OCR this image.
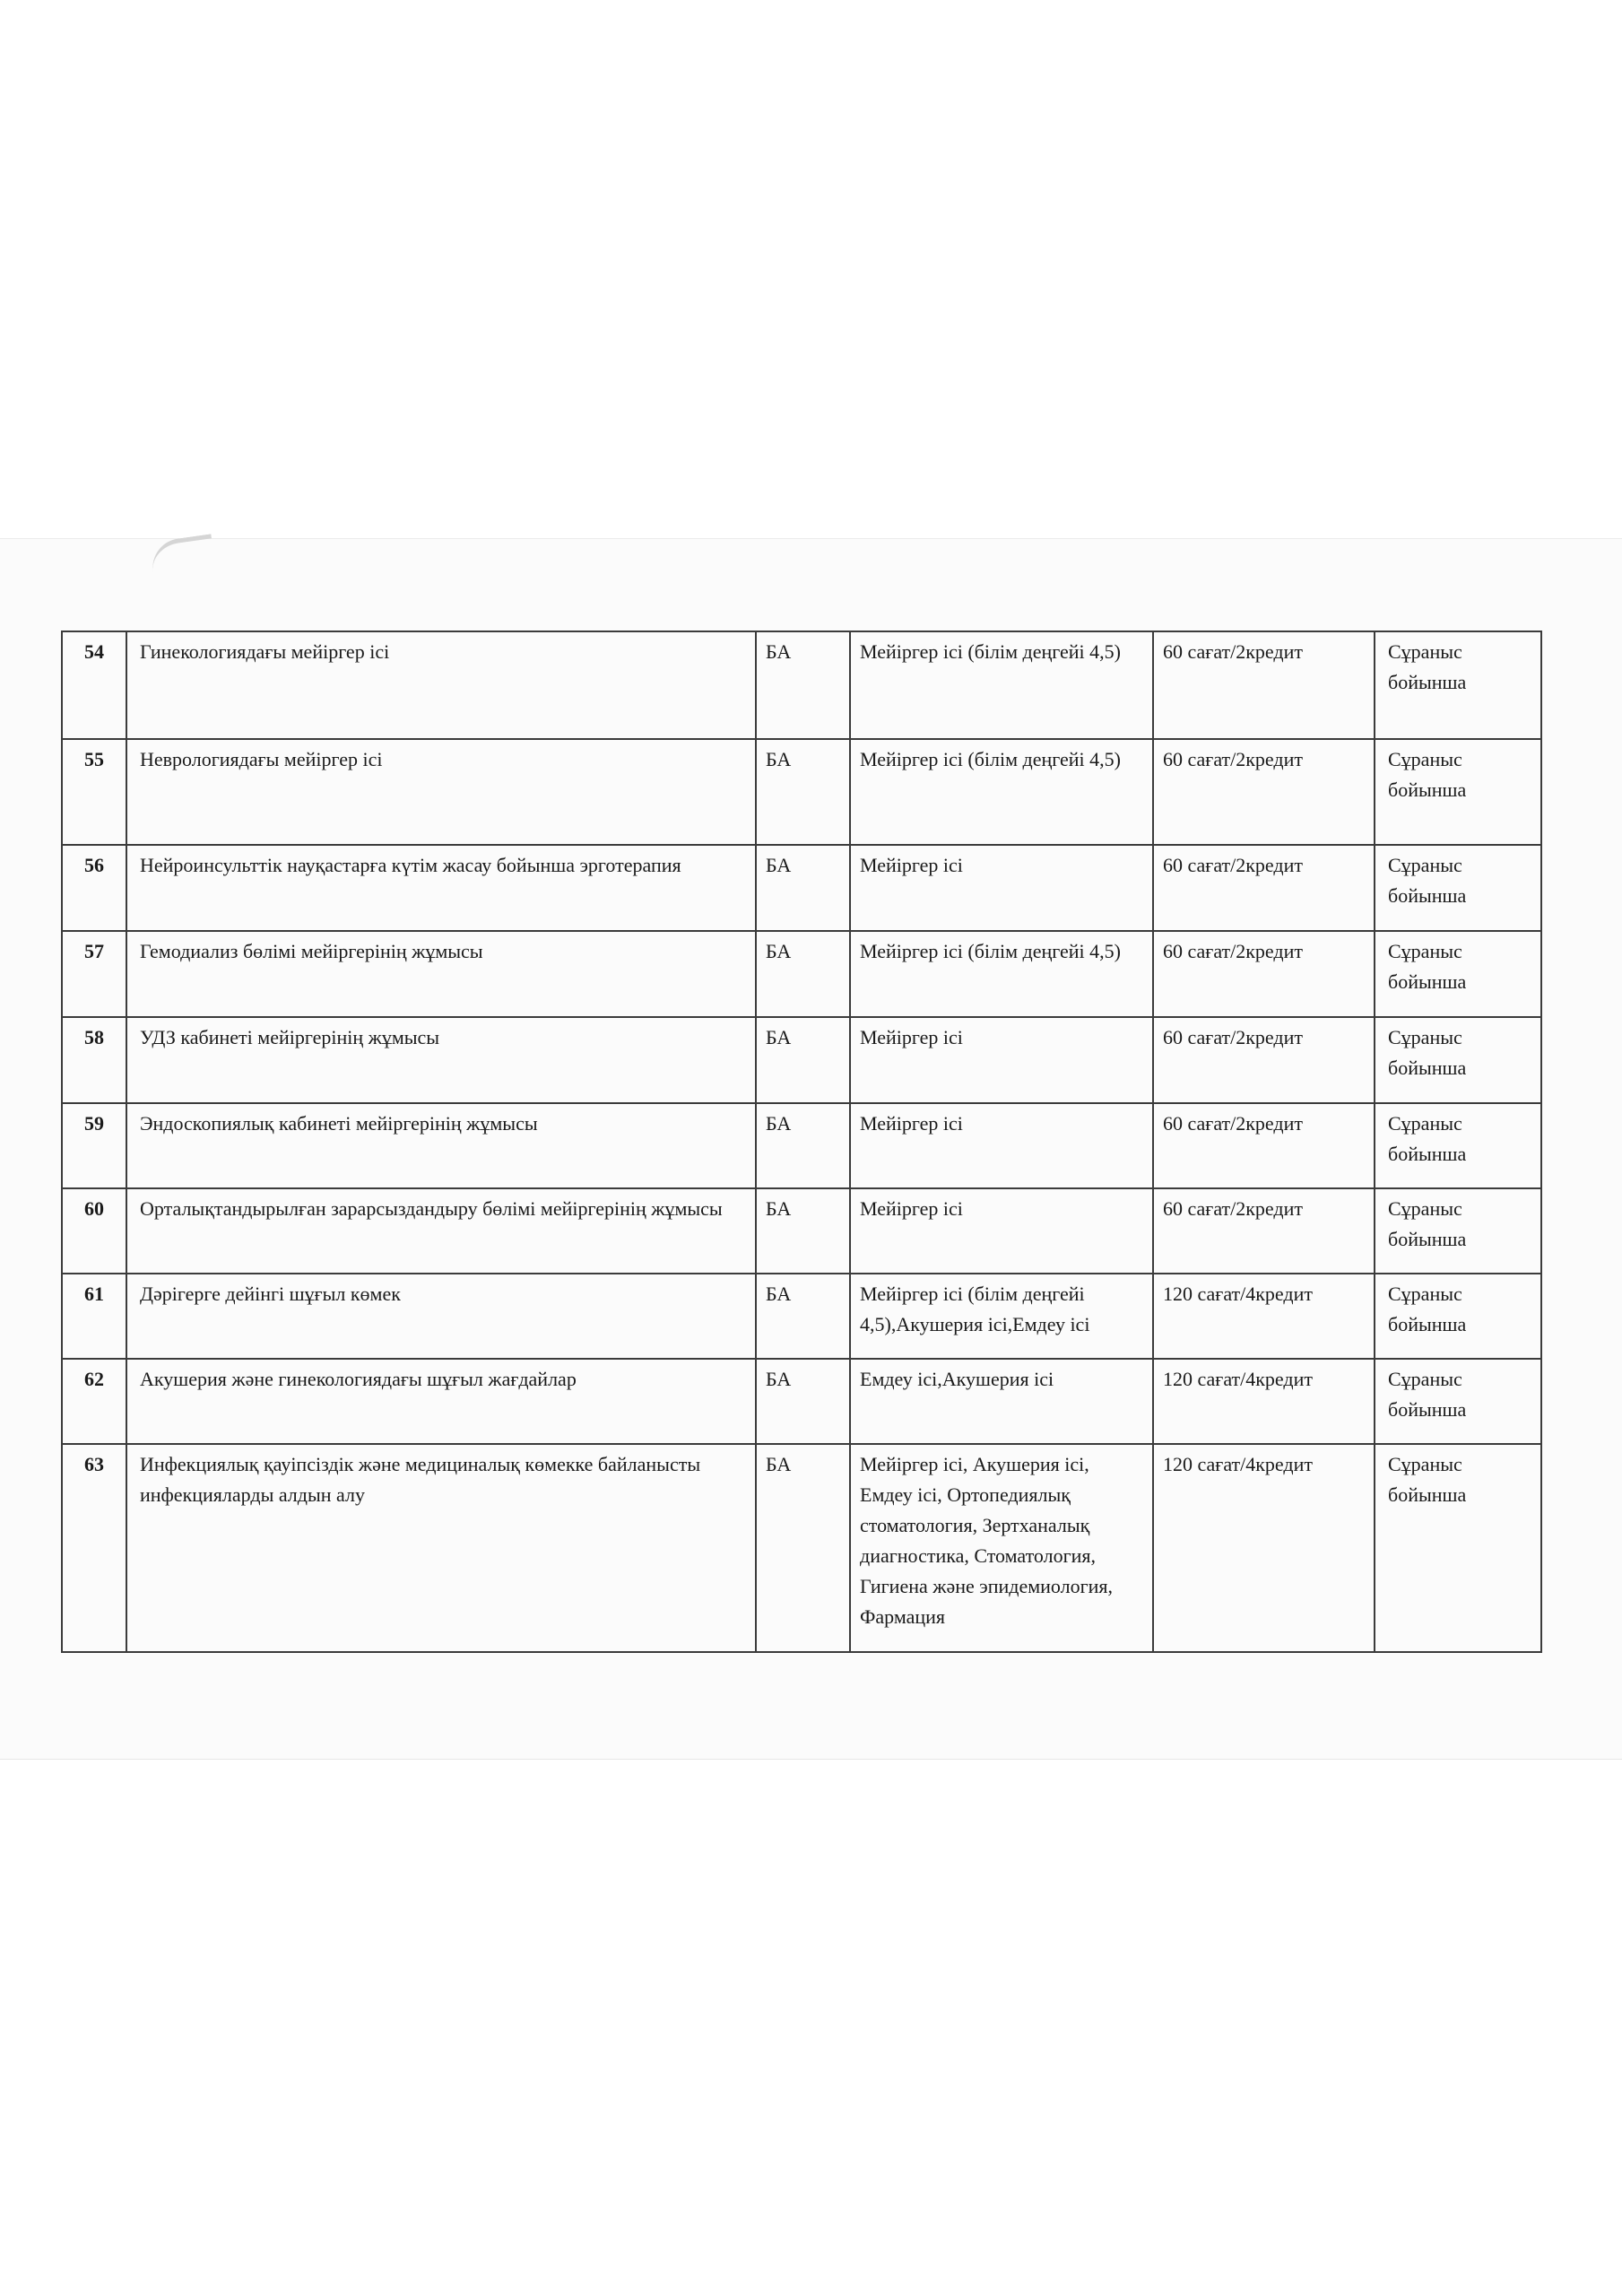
54	Гинекологиядағы мейіргер ісі	БА	Мейіргер ісі (білім деңгейі 4,5)	60 сағат/2кредит	Сұраныс бойынша
55	Неврологиядағы мейіргер ісі	БА	Мейіргер ісі (білім деңгейі 4,5)	60 сағат/2кредит	Сұраныс бойынша
56	Нейроинсульттік науқастарға күтім жасау бойынша эрготерапия	БА	Мейіргер ісі	60 сағат/2кредит	Сұраныс бойынша
57	Гемодиализ бөлімі мейіргерінің жұмысы	БА	Мейіргер ісі (білім деңгейі 4,5)	60 сағат/2кредит	Сұраныс бойынша
58	УДЗ кабинеті мейіргерінің жұмысы	БА	Мейіргер ісі	60 сағат/2кредит	Сұраныс бойынша
59	Эндоскопиялық кабинеті мейіргерінің жұмысы	БА	Мейіргер ісі	60 сағат/2кредит	Сұраныс бойынша
60	Орталықтандырылған зарарсыздандыру бөлімі мейіргерінің жұмысы	БА	Мейіргер ісі	60 сағат/2кредит	Сұраныс бойынша
61	Дәрігерге дейінгі шұғыл көмек	БА	Мейіргер ісі (білім деңгейі 4,5),Акушерия ісі,Емдеу ісі	120 сағат/4кредит	Сұраныс бойынша
62	Акушерия және гинекологиядағы шұғыл жағдайлар	БА	Емдеу ісі,Акушерия ісі	120 сағат/4кредит	Сұраныс бойынша
63	Инфекциялық қауіпсіздік және медициналық көмекке байланысты инфекцияларды алдын алу	БА	Мейіргер ісі, Акушерия ісі, Емдеу ісі, Ортопедиялық стоматология, Зертханалық диагностика, Стоматология, Гигиена және эпидемиология, Фармация	120 сағат/4кредит	Сұраныс бойынша
